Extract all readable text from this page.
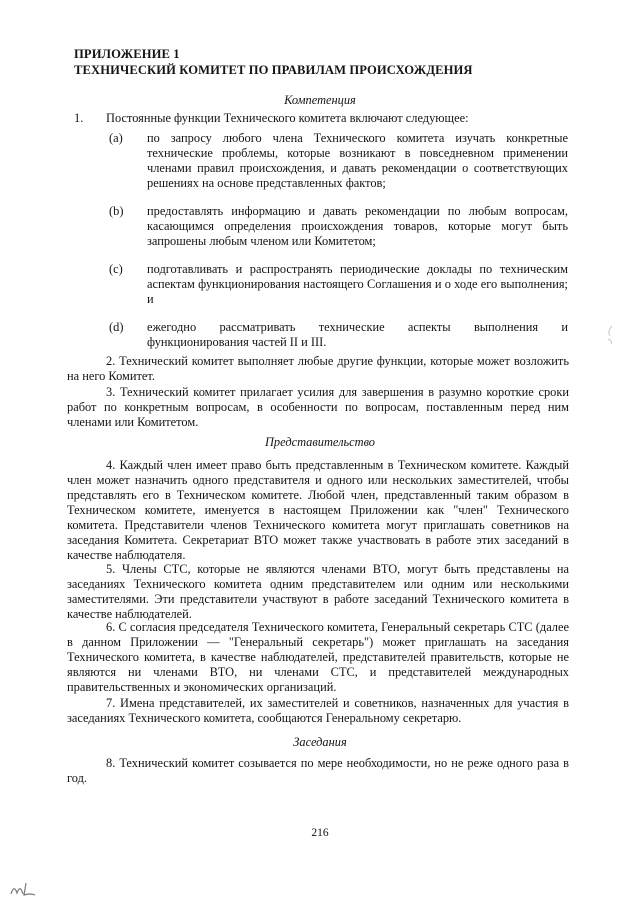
ПРИЛОЖЕНИЕ 1
ТЕХНИЧЕСКИЙ КОМИТЕТ ПО ПРАВИЛАМ ПРОИСХОЖДЕНИЯ
Компетенция
1. Постоянные функции Технического комитета включают следующее:
(a) по запросу любого члена Технического комитета изучать конкретные технические проблемы, которые возникают в повседневном применении членами правил происхождения, и давать рекомендации о соответствующих решениях на основе представленных фактов;
(b) предоставлять информацию и давать рекомендации по любым вопросам, касающимся определения происхождения товаров, которые могут быть запрошены любым членом или Комитетом;
(c) подготавливать и распространять периодические доклады по техническим аспектам функционирования настоящего Соглашения и о ходе его выполнения; и
(d) ежегодно рассматривать технические аспекты выполнения и функционирования частей II и III.
2. Технический комитет выполняет любые другие функции, которые может возложить на него Комитет.
3. Технический комитет прилагает усилия для завершения в разумно короткие сроки работ по конкретным вопросам, в особенности по вопросам, поставленным перед ним членами или Комитетом.
Представительство
4. Каждый член имеет право быть представленным в Техническом комитете. Каждый член может назначить одного представителя и одного или нескольких заместителей, чтобы представлять его в Техническом комитете. Любой член, представленный таким образом в Техническом комитете, именуется в настоящем Приложении как "член" Технического комитета. Представители членов Технического комитета могут приглашать советников на заседания Комитета. Секретариат ВТО может также участвовать в работе этих заседаний в качестве наблюдателя.
5. Члены СТС, которые не являются членами ВТО, могут быть представлены на заседаниях Технического комитета одним представителем или одним или несколькими заместителями. Эти представители участвуют в работе заседаний Технического комитета в качестве наблюдателей.
6. С согласия председателя Технического комитета, Генеральный секретарь СТС (далее в данном Приложении — "Генеральный секретарь") может приглашать на заседания Технического комитета, в качестве наблюдателей, представителей правительств, которые не являются ни членами ВТО, ни членами СТС, и представителей международных правительственных и экономических организаций.
7. Имена представителей, их заместителей и советников, назначенных для участия в заседаниях Технического комитета, сообщаются Генеральному секретарю.
Заседания
8. Технический комитет созывается по мере необходимости, но не реже одного раза в год.
216
